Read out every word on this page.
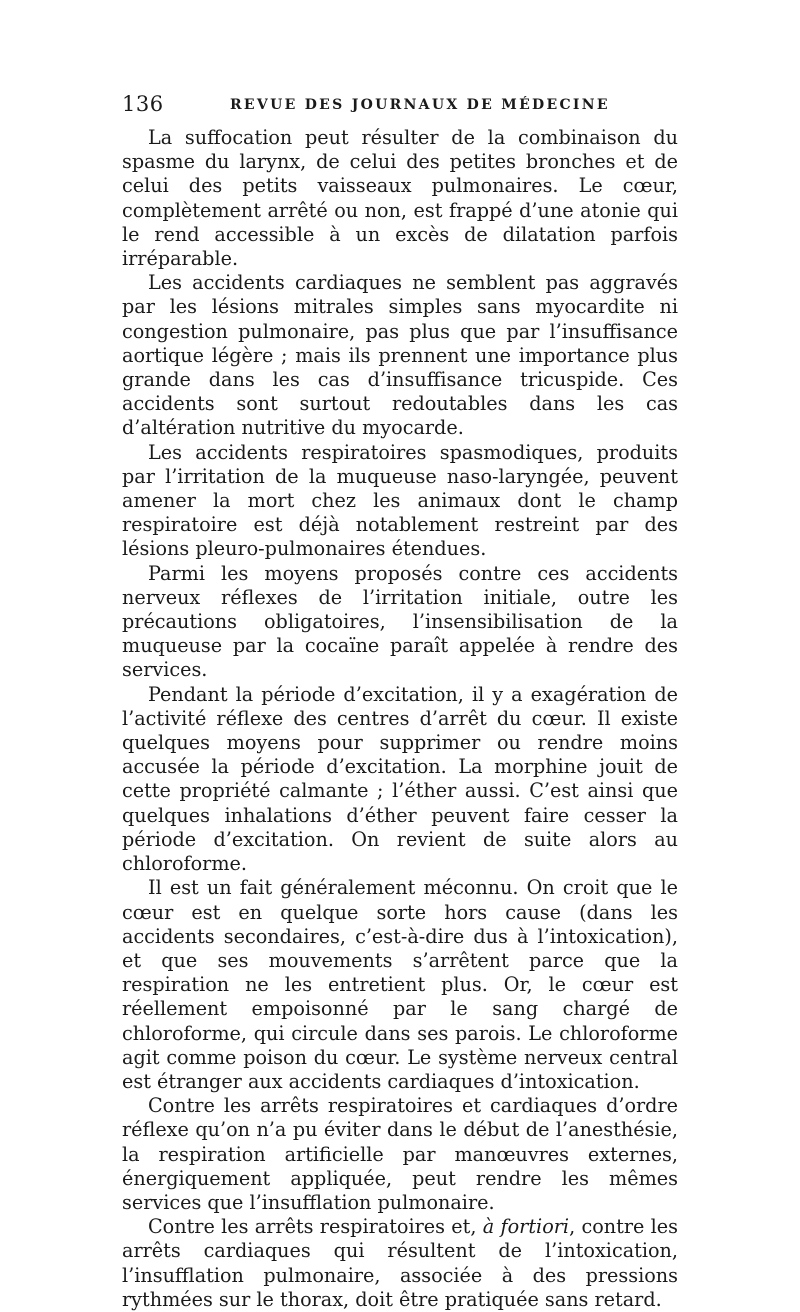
136	REVUE DES JOURNAUX DE MÉDECINE

La suffocation peut résulter de la combinaison du spasme du larynx, de celui des petites bronches et de celui des petits vaisseaux pulmonaires. Le cœur, complètement arrêté ou non, est frappé d’une atonie qui le rend accessible à un excès de dilatation parfois irréparable.

Les accidents cardiaques ne semblent pas aggravés par les lésions mitrales simples sans myocardite ni congestion pulmonaire, pas plus que par l’insuffisance aortique légère ; mais ils prennent une importance plus grande dans les cas d’insuffisance tricuspide. Ces accidents sont surtout redoutables dans les cas d’altération nutritive du myocarde.

Les accidents respiratoires spasmodiques, produits par l’irritation de la muqueuse naso-laryngée, peuvent amener la mort chez les animaux dont le champ respiratoire est déjà notablement restreint par des lésions pleuro-pulmonaires étendues.

Parmi les moyens proposés contre ces accidents nerveux réflexes de l’irritation initiale, outre les précautions obligatoires, l’insensibilisation de la muqueuse par la cocaïne paraît appelée à rendre des services.

Pendant la période d’excitation, il y a exagération de l’activité réflexe des centres d’arrêt du cœur. Il existe quelques moyens pour supprimer ou rendre moins accusée la période d’excitation. La morphine jouit de cette propriété calmante ; l’éther aussi. C’est ainsi que quelques inhalations d’éther peuvent faire cesser la période d’excitation. On revient de suite alors au chloroforme.

Il est un fait généralement méconnu. On croit que le cœur est en quelque sorte hors cause (dans les accidents secondaires, c’est-à-dire dus à l’intoxication), et que ses mouvements s’arrêtent parce que la respiration ne les entretient plus. Or, le cœur est réellement empoisonné par le sang chargé de chloroforme, qui circule dans ses parois. Le chloroforme agit comme poison du cœur. Le système nerveux central est étranger aux accidents cardiaques d’intoxication.

Contre les arrêts respiratoires et cardiaques d’ordre réflexe qu’on n’a pu éviter dans le début de l’anesthésie, la respiration artificielle par manœuvres externes, énergiquement appliquée, peut rendre les mêmes services que l’insufflation pulmonaire.

Contre les arrêts respiratoires et, à fortiori, contre les arrêts cardiaques qui résultent de l’intoxication, l’insufflation pulmonaire, associée à des pressions rythmées sur le thorax, doit être pratiquée sans retard.
